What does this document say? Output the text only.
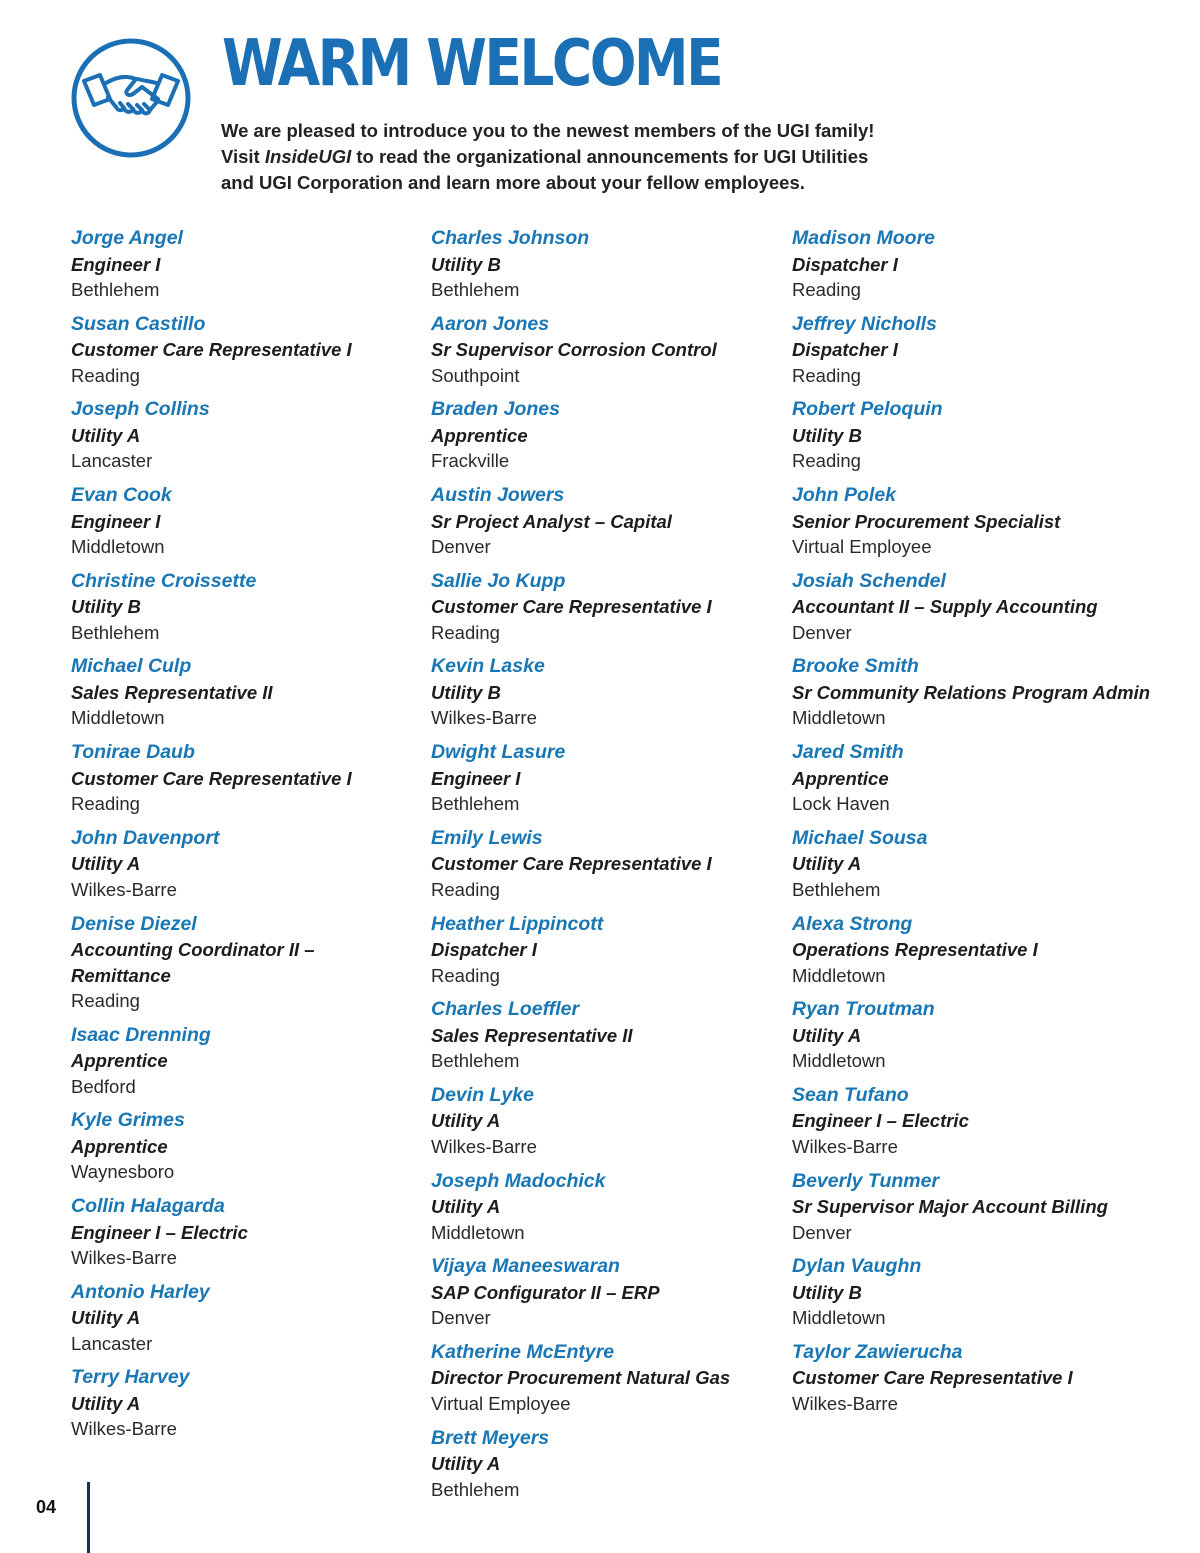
WARM WELCOME
We are pleased to introduce you to the newest members of the UGI family!
Visit InsideUGI to read the organizational announcements for UGI Utilities
and UGI Corporation and learn more about your fellow employees.
Jorge Angel
Engineer I
Bethlehem
Susan Castillo
Customer Care Representative I
Reading
Joseph Collins
Utility A
Lancaster
Evan Cook
Engineer I
Middletown
Christine Croissette
Utility B
Bethlehem
Michael Culp
Sales Representative II
Middletown
Tonirae Daub
Customer Care Representative I
Reading
John Davenport
Utility A
Wilkes-Barre
Denise Diezel
Accounting Coordinator II –
Remittance
Reading
Isaac Drenning
Apprentice
Bedford
Kyle Grimes
Apprentice
Waynesboro
Collin Halagarda
Engineer I – Electric
Wilkes-Barre
Antonio Harley
Utility A
Lancaster
Terry Harvey
Utility A
Wilkes-Barre
Charles Johnson
Utility B
Bethlehem
Aaron Jones
Sr Supervisor Corrosion Control
Southpoint
Braden Jones
Apprentice
Frackville
Austin Jowers
Sr Project Analyst – Capital
Denver
Sallie Jo Kupp
Customer Care Representative I
Reading
Kevin Laske
Utility B
Wilkes-Barre
Dwight Lasure
Engineer I
Bethlehem
Emily Lewis
Customer Care Representative I
Reading
Heather Lippincott
Dispatcher I
Reading
Charles Loeffler
Sales Representative II
Bethlehem
Devin Lyke
Utility A
Wilkes-Barre
Joseph Madochick
Utility A
Middletown
Vijaya Maneeswaran
SAP Configurator II – ERP
Denver
Katherine McEntyre
Director Procurement Natural Gas
Virtual Employee
Brett Meyers
Utility A
Bethlehem
Madison Moore
Dispatcher I
Reading
Jeffrey Nicholls
Dispatcher I
Reading
Robert Peloquin
Utility B
Reading
John Polek
Senior Procurement Specialist
Virtual Employee
Josiah Schendel
Accountant II – Supply Accounting
Denver
Brooke Smith
Sr Community Relations Program Admin
Middletown
Jared Smith
Apprentice
Lock Haven
Michael Sousa
Utility A
Bethlehem
Alexa Strong
Operations Representative I
Middletown
Ryan Troutman
Utility A
Middletown
Sean Tufano
Engineer I – Electric
Wilkes-Barre
Beverly Tunmer
Sr Supervisor Major Account Billing
Denver
Dylan Vaughn
Utility B
Middletown
Taylor Zawierucha
Customer Care Representative I
Wilkes-Barre
04
